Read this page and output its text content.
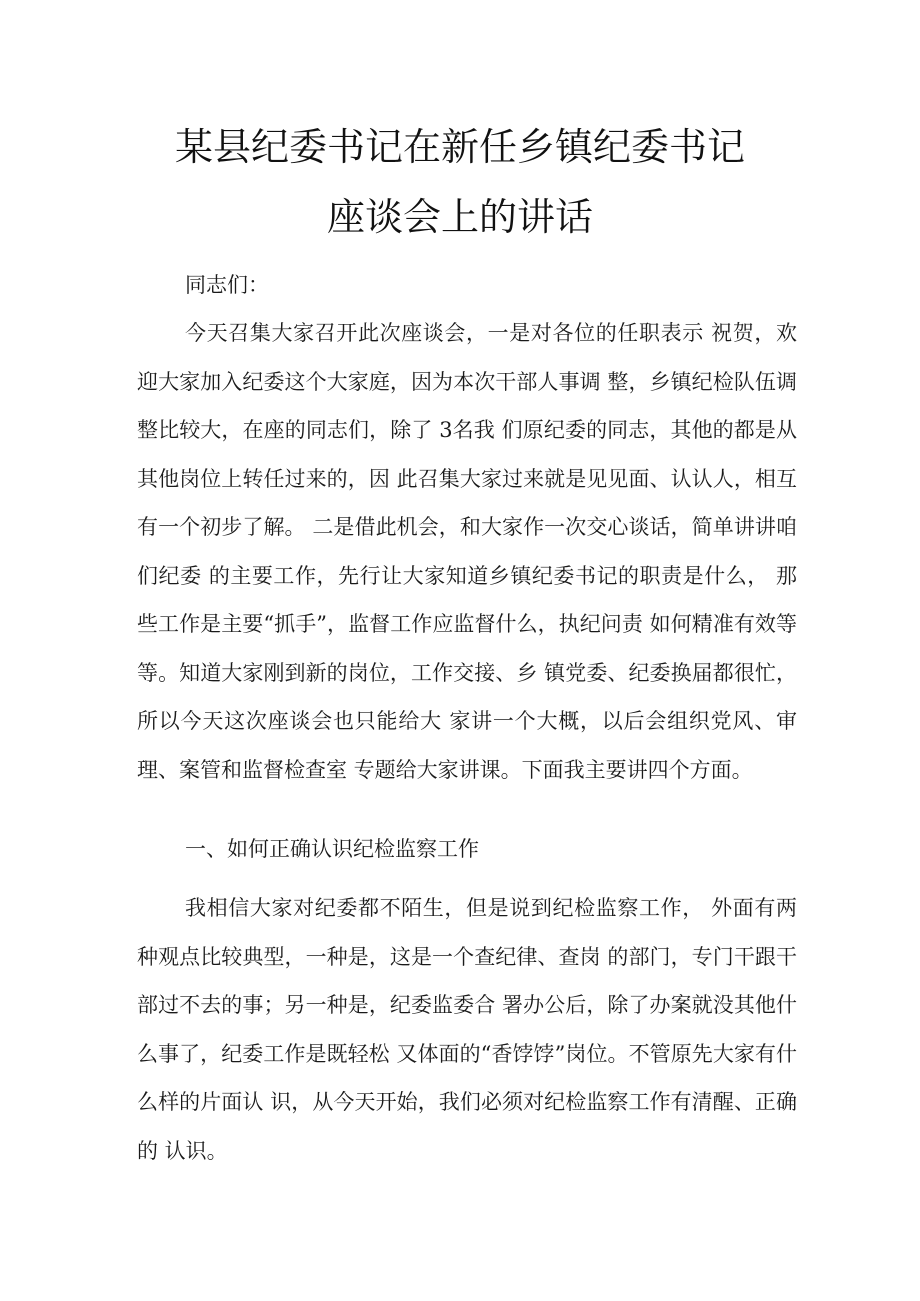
某县纪委书记在新任乡镇纪委书记
座谈会上的讲话

同志们：

今天召集大家召开此次座谈会，一是对各位的任职表示 祝贺，欢迎大家加入纪委这个大家庭，因为本次干部人事调 整，乡镇纪检队伍调整比较大，在座的同志们，除了 3名我 们原纪委的同志，其他的都是从其他岗位上转任过来的，因 此召集大家过来就是见见面、认认人，相互有一个初步了解。 二是借此机会，和大家作一次交心谈话，简单讲讲咱们纪委 的主要工作，先行让大家知道乡镇纪委书记的职责是什么， 那些工作是主要“抓手”，监督工作应监督什么，执纪问责 如何精准有效等等。知道大家刚到新的岗位，工作交接、乡 镇党委、纪委换届都很忙，所以今天这次座谈会也只能给大 家讲一个大概，以后会组织党风、审理、案管和监督检查室 专题给大家讲课。下面我主要讲四个方面。

一、如何正确认识纪检监察工作

我相信大家对纪委都不陌生，但是说到纪检监察工作， 外面有两种观点比较典型，一种是，这是一个查纪律、查岗 的部门，专门干跟干部过不去的事；另一种是，纪委监委合 署办公后，除了办案就没其他什么事了，纪委工作是既轻松 又体面的“香饽饽”岗位。不管原先大家有什么样的片面认 识，从今天开始，我们必须对纪检监察工作有清醒、正确的 认识。
